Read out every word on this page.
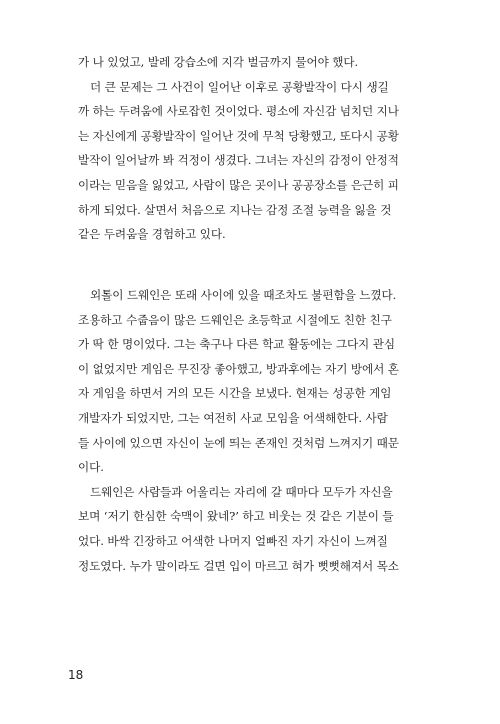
가 나 있었고, 발레 강습소에 지각 벌금까지 물어야 했다.
더 큰 문제는 그 사건이 일어난 이후로 공황발작이 다시 생길
까 하는 두려움에 사로잡힌 것이었다. 평소에 자신감 넘치던 지나
는 자신에게 공황발작이 일어난 것에 무척 당황했고, 또다시 공황
발작이 일어날까 봐 걱정이 생겼다. 그녀는 자신의 감정이 안정적
이라는 믿음을 잃었고, 사람이 많은 곳이나 공공장소를 은근히 피
하게 되었다. 살면서 처음으로 지나는 감정 조절 능력을 잃을 것
같은 두려움을 경험하고 있다.
외톨이 드웨인은 또래 사이에 있을 때조차도 불편함을 느꼈다.
조용하고 수줍음이 많은 드웨인은 초등학교 시절에도 친한 친구
가 딱 한 명이었다. 그는 축구나 다른 학교 활동에는 그다지 관심
이 없었지만 게임은 무진장 좋아했고, 방과후에는 자기 방에서 혼
자 게임을 하면서 거의 모든 시간을 보냈다. 현재는 성공한 게임
개발자가 되었지만, 그는 여전히 사교 모임을 어색해한다. 사람
들 사이에 있으면 자신이 눈에 띄는 존재인 것처럼 느껴지기 때문
이다.
드웨인은 사람들과 어울리는 자리에 갈 때마다 모두가 자신을
보며 ‘저기 한심한 숙맥이 왔네?’ 하고 비웃는 것 같은 기분이 들
었다. 바싹 긴장하고 어색한 나머지 얼빠진 자기 자신이 느껴질
정도였다. 누가 말이라도 걸면 입이 마르고 혀가 뻣뻣해져서 목소
18
